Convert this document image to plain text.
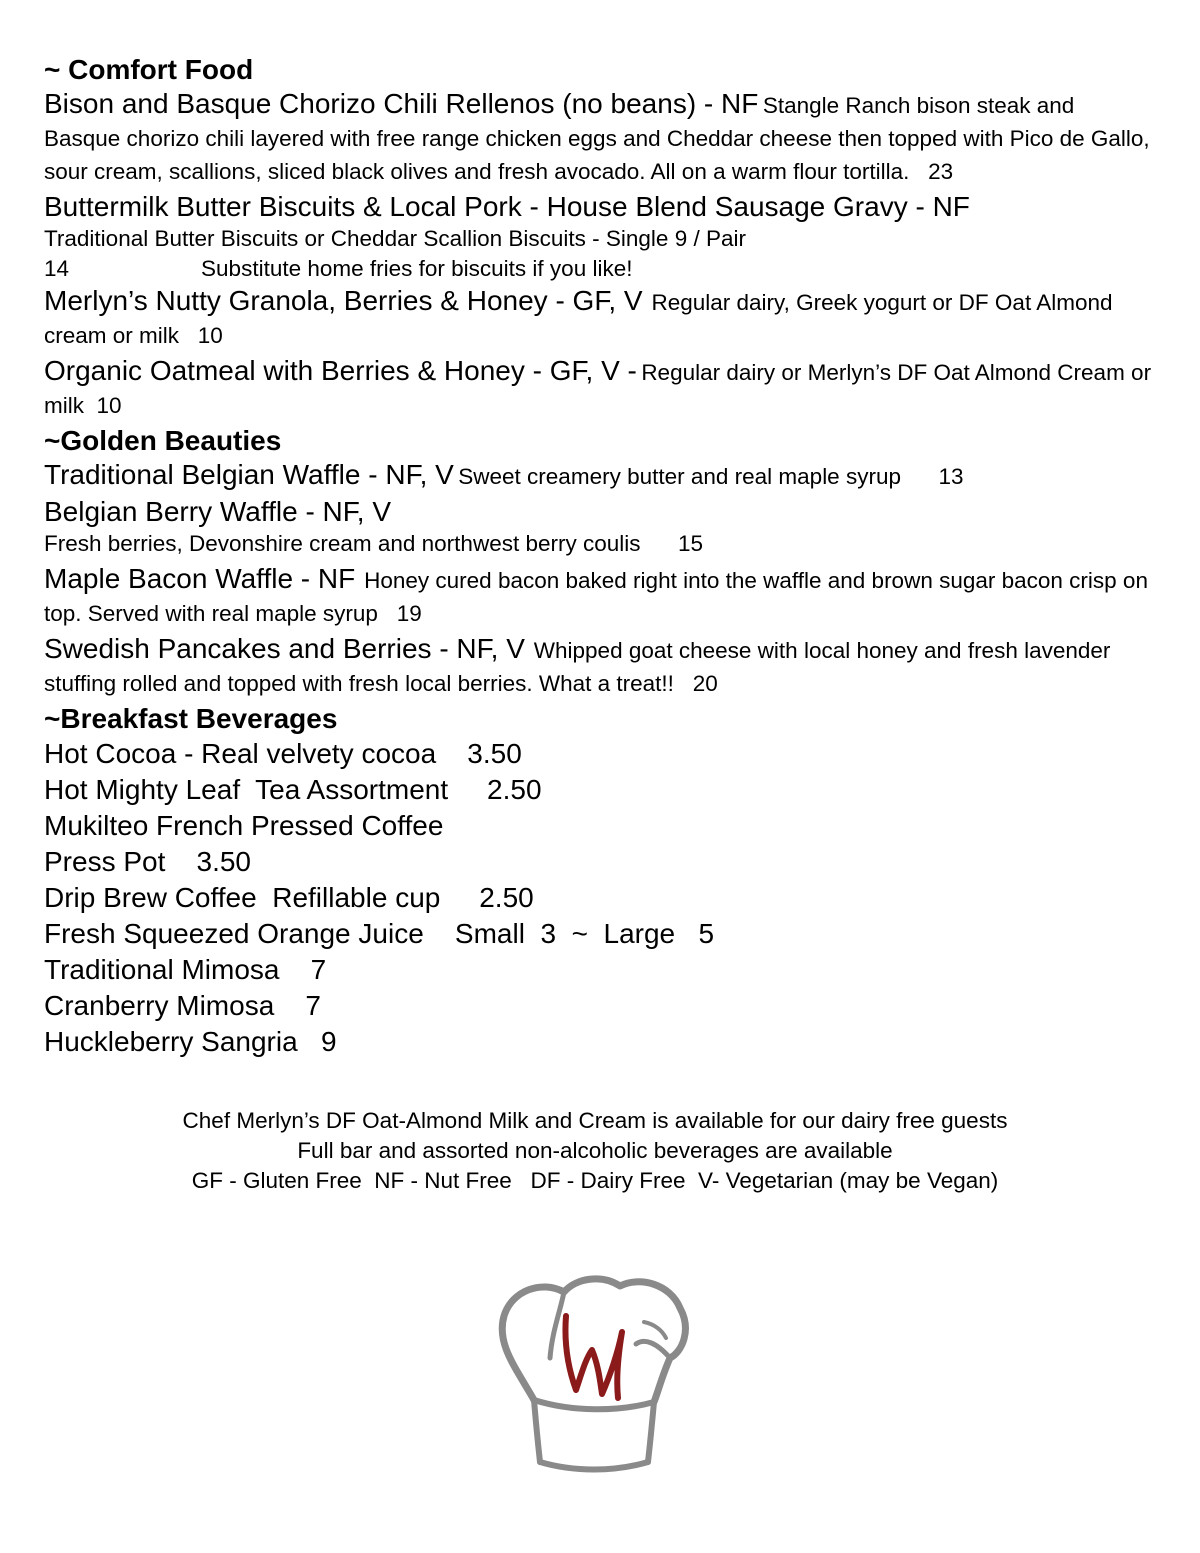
~ Comfort Food
Bison and Basque Chorizo Chili Rellenos (no beans) - NF Stangle Ranch bison steak and Basque chorizo chili layered with free range chicken eggs and Cheddar cheese then topped with Pico de Gallo, sour cream, scallions, sliced black olives and fresh avocado. All on a warm flour tortilla. 23
Buttermilk Butter Biscuits & Local Pork - House Blend Sausage Gravy - NF
Traditional Butter Biscuits or Cheddar Scallion Biscuits - Single 9 / Pair
14	Substitute home fries for biscuits if you like!
Merlyn’s Nutty Granola, Berries & Honey - GF, V Regular dairy, Greek yogurt or DF Oat Almond cream or milk 10
Organic Oatmeal with Berries & Honey - GF, V - Regular dairy or Merlyn’s DF Oat Almond Cream or milk 10
~Golden Beauties
Traditional Belgian Waffle - NF, V Sweet creamery butter and real maple syrup 13
Belgian Berry Waffle - NF, V
Fresh berries, Devonshire cream and northwest berry coulis 15
Maple Bacon Waffle - NF Honey cured bacon baked right into the waffle and brown sugar bacon crisp on top. Served with real maple syrup 19
Swedish Pancakes and Berries - NF, V Whipped goat cheese with local honey and fresh lavender stuffing rolled and topped with fresh local berries. What a treat!! 20
~Breakfast Beverages
Hot Cocoa - Real velvety cocoa    3.50
Hot Mighty Leaf  Tea Assortment     2.50
Mukilteo French Pressed Coffee
Press Pot    3.50
Drip Brew Coffee  Refillable cup     2.50
Fresh Squeezed Orange Juice    Small  3  ~  Large   5
Traditional Mimosa    7
Cranberry Mimosa    7
Huckleberry Sangria   9
Chef Merlyn’s DF Oat-Almond Milk and Cream is available for our dairy free guests
Full bar and assorted non-alcoholic beverages are available
GF - Gluten Free  NF - Nut Free   DF - Dairy Free  V- Vegetarian (may be Vegan)
